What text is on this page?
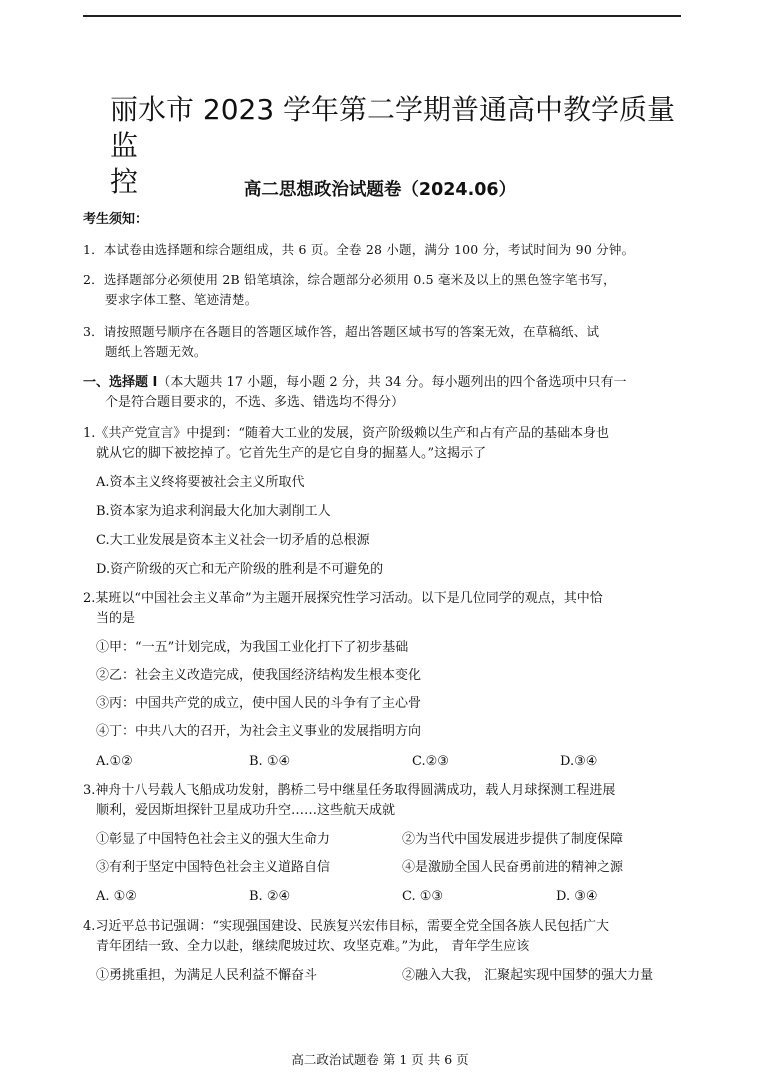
丽水市 2023 学年第二学期普通高中教学质量监
控	高二思想政治试题卷（2024.06）
考生须知：
1．本试卷由选择题和综合题组成，共 6 页。全卷 28 小题，满分 100 分，考试时间为 90 分钟。
2．选择题部分必须使用 2B 铅笔填涂，综合题部分必须用 0.5 毫米及以上的黑色签字笔书写，
要求字体工整、笔迹清楚。
3．请按照题号顺序在各题目的答题区域作答，超出答题区域书写的答案无效，在草稿纸、试
题纸上答题无效。
一、选择题 Ⅰ（本大题共 17 小题，每小题 2 分，共 34 分。每小题列出的四个备选项中只有一
个是符合题目要求的，不选、多选、错选均不得分）
1.《共产党宣言》中提到：“随着大工业的发展，资产阶级赖以生产和占有产品的基础本身也
就从它的脚下被挖掉了。它首先生产的是它自身的掘墓人。”这揭示了
A.资本主义终将要被社会主义所取代
B.资本家为追求利润最大化加大剥削工人
C.大工业发展是资本主义社会一切矛盾的总根源
D.资产阶级的灭亡和无产阶级的胜利是不可避免的
2.某班以“中国社会主义革命”为主题开展探究性学习活动。以下是几位同学的观点，其中恰
当的是
①甲：“一五”计划完成，为我国工业化打下了初步基础
②乙：社会主义改造完成，使我国经济结构发生根本变化
③丙：中国共产党的成立，使中国人民的斗争有了主心骨
④丁：中共八大的召开，为社会主义事业的发展指明方向
A.①②	B. ①④	C.②③	D.③④
3.神舟十八号载人飞船成功发射，鹊桥二号中继星任务取得圆满成功，载人月球探测工程进展
顺利，爱因斯坦探针卫星成功升空……这些航天成就
①彰显了中国特色社会主义的强大生命力	②为当代中国发展进步提供了制度保障
③有利于坚定中国特色社会主义道路自信	④是激励全国人民奋勇前进的精神之源
A. ①②	B. ②④	C. ①③	D. ③④
4.习近平总书记强调：“实现强国建设、民族复兴宏伟目标，需要全党全国各族人民包括广大
青年团结一致、全力以赴，继续爬坡过坎、攻坚克难。”为此， 青年学生应该
①勇挑重担，为满足人民利益不懈奋斗	②融入大我， 汇聚起实现中国梦的强大力量
高二政治试题卷 第 1 页 共 6 页
